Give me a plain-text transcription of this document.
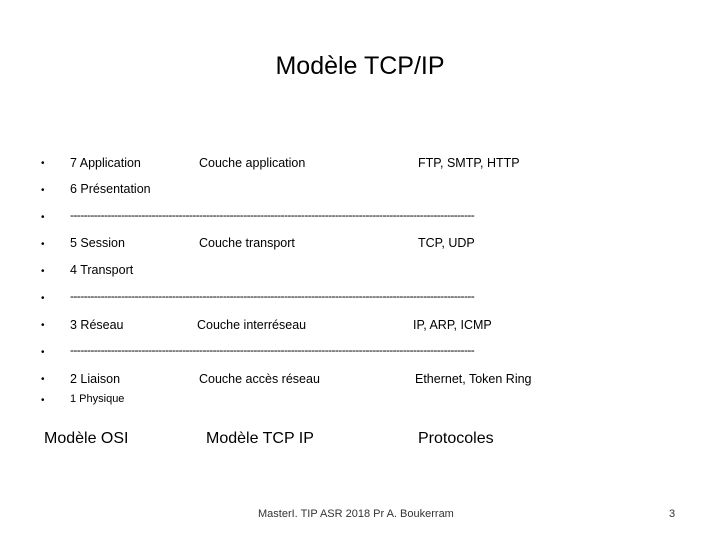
Modèle TCP/IP
• 7 Application	Couche application	FTP, SMTP, HTTP
• 6 Présentation
• -----------------------------------------------------------------------------------------------------------------------
• 5 Session	Couche transport	TCP, UDP
• 4 Transport
• -----------------------------------------------------------------------------------------------------------------------
• 3 Réseau	Couche interréseau	IP, ARP, ICMP
• -----------------------------------------------------------------------------------------------------------------------
• 2 Liaison	Couche accès réseau	Ethernet, Token Ring
• 1 Physique
Modèle OSI	Modèle TCP IP	Protocoles
MasterI. TIP ASR 2018 Pr A. Boukerram	3
